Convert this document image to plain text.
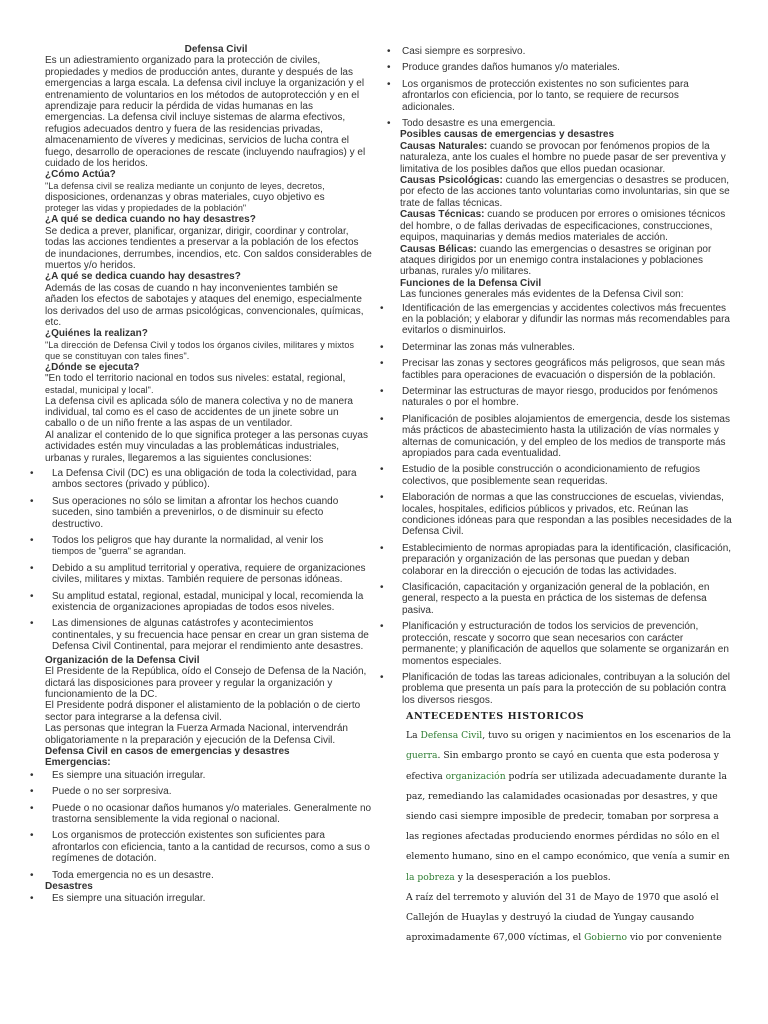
Defensa Civil

Es un adiestramiento organizado para la protección de civiles, propiedades y medios de producción antes, durante y después de las emergencias a larga escala. La defensa civil incluye la organización y el entrenamiento de voluntarios en los métodos de autoprotección y en el aprendizaje para reducir la pérdida de vidas humanas en las emergencias. La defensa civil incluye sistemas de alarma efectivos, refugios adecuados dentro y fuera de las residencias privadas, almacenamiento de víveres y medicinas, servicios de lucha contra el fuego, desarrollo de operaciones de rescate (incluyendo naufragios) y el cuidado de los heridos.

¿Cómo Actúa?

"La defensa civil se realiza mediante un conjunto de leyes, decretos,

disposiciones, ordenanzas y obras materiales, cuyo objetivo es

proteger las vidas y propiedades de la población"

¿A qué se dedica cuando no hay desastres?

Se dedica a prever, planificar, organizar, dirigir, coordinar y controlar, todas las acciones tendientes a preservar a la población de los efectos de inundaciones, derrumbes, incendios, etc. Con saldos considerables de muertos y/o heridos.

¿A qué se dedica cuando hay desastres?

Además de las cosas de cuando n hay inconvenientes también se añaden los efectos de sabotajes y ataques del enemigo, especialmente los derivados del uso de armas psicológicas, convencionales, químicas, etc.

¿Quiénes la realizan?

"La dirección de Defensa Civil y todos los órganos civiles, militares y mixtos que se constituyan con tales fines".

¿Dónde se ejecuta?

"En todo el territorio nacional en todos sus niveles: estatal, regional,

estadal, municipal y local".

La defensa civil es aplicada sólo de manera colectiva y no de manera individual, tal como es el caso de accidentes de un jinete sobre un caballo o de un niño frente a las aspas de un ventilador.

Al analizar el contenido de lo que significa proteger a las personas cuyas actividades estén muy vinculadas a las problemáticas industriales, urbanas y rurales, llegaremos a las siguientes conclusiones:

• La Defensa Civil (DC) es una obligación de toda la colectividad, para ambos sectores (privado y público).
• Sus operaciones no sólo se limitan a afrontar los hechos cuando suceden, sino también a prevenirlos, o de disminuir su efecto destructivo.
• Todos los peligros que hay durante la normalidad, al venir los
tiempos de "guerra" se agrandan.
• Debido a su amplitud territorial y operativa, requiere de organizaciones civiles, militares y mixtas. También requiere de personas idóneas.
• Su amplitud estatal, regional, estadal, municipal y local, recomienda la existencia de organizaciones apropiadas de todos esos niveles.
• Las dimensiones de algunas catástrofes y acontecimientos continentales, y su frecuencia hace pensar en crear un gran sistema de Defensa Civil Continental, para mejorar el rendimiento ante desastres.
Organización de la Defensa Civil

El Presidente de la República, oído el Consejo de Defensa de la Nación, dictará las disposiciones para proveer y regular la organización y funcionamiento de la DC.

El Presidente podrá disponer el alistamiento de la población o de cierto sector para integrarse a la defensa civil.

Las personas que integran la Fuerza Armada Nacional, intervendrán obligatoriamente n la preparación y ejecución de la Defensa Civil.

Defensa Civil en casos de emergencias y desastres
Emergencias:
• Es siempre una situación irregular.
• Puede o no ser sorpresiva.
• Puede o no ocasionar daños humanos y/o materiales. Generalmente no trastorna sensiblemente la vida regional o nacional.
• Los organismos de protección existentes son suficientes para afrontarlos con eficiencia, tanto a la cantidad de recursos, como a sus o regímenes de dotación.
• Toda emergencia no es un desastre.
Desastres
• Es siempre una situación irregular.
• Casi siempre es sorpresivo.
• Produce grandes daños humanos y/o materiales.
• Los organismos de protección existentes no son suficientes para afrontarlos con eficiencia, por lo tanto, se requiere de recursos adicionales.
• Todo desastre es una emergencia.
Posibles causas de emergencias y desastres

Causas Naturales: cuando se provocan por fenómenos propios de la naturaleza, ante los cuales el hombre no puede pasar de ser preventiva y limitativa de los posibles daños que ellos puedan ocasionar.

Causas Psicológicas: cuando las emergencias o desastres se producen, por efecto de las acciones tanto voluntarias como involuntarias, sin que se trate de fallas técnicas.

Causas Técnicas: cuando se producen por errores o omisiones técnicos del hombre, o de fallas derivadas de especificaciones, construcciones, equipos, maquinarias y demás medios materiales de acción.

Causas Bélicas: cuando las emergencias o desastres se originan por ataques dirigidos por un enemigo contra instalaciones y poblaciones urbanas, rurales y/o militares.

Funciones de la Defensa Civil

Las funciones generales más evidentes de la Defensa Civil son:

• Identificación de las emergencias y accidentes colectivos más frecuentes en la población; y elaborar y difundir las normas más recomendables para evitarlos o disminuirlos.
• Determinar las zonas más vulnerables.
• Precisar las zonas y sectores geográficos más peligrosos, que sean más factibles para operaciones de evacuación o dispersión de la población.
• Determinar las estructuras de mayor riesgo, producidos por fenómenos naturales o por el hombre.
• Planificación de posibles alojamientos de emergencia, desde los sistemas más prácticos de abastecimiento hasta la utilización de vías normales y alternas de comunicación, y del empleo de los medios de transporte más apropiados para cada eventualidad.
• Estudio de la posible construcción o acondicionamiento de refugios colectivos, que posiblemente sean requeridas.
• Elaboración de normas a que las construcciones de escuelas, viviendas, locales, hospitales, edificios públicos y privados, etc. Reúnan las condiciones idóneas para que respondan a las posibles necesidades de la Defensa Civil.
• Establecimiento de normas apropiadas para la identificación, clasificación, preparación y organización de las personas que puedan y deban colaborar en la dirección o ejecución de todas las actividades.
• Clasificación, capacitación y organización general de la población, en general, respecto a la puesta en práctica de los sistemas de defensa pasiva.
• Planificación y estructuración de todos los servicios de prevención, protección, rescate y socorro que sean necesarios con carácter permanente; y planificación de aquellos que solamente se organizarán en momentos especiales.
• Planificación de todas las tareas adicionales, contribuyan a la solución del problema que presenta un país para la protección de su población contra los diversos riesgos.
ANTECEDENTES HISTORICOS

La Defensa Civil, tuvo su origen y nacimientos en los escenarios de la guerra. Sin embargo pronto se cayó en cuenta que esta poderosa y efectiva organización podría ser utilizada adecuadamente durante la paz, remediando las calamidades ocasionadas por desastres, y que siendo casi siempre imposible de predecir, tomaban por sorpresa a las regiones afectadas produciendo enormes pérdidas no sólo en el elemento humano, sino en el campo económico, que venía a sumir en la pobreza y la desesperación a los pueblos.

A raíz del terremoto y aluvión del 31 de Mayo de 1970 que asoló el Callejón de Huaylas y destruyó la ciudad de Yungay causando aproximadamente 67,000 víctimas, el Gobierno vio por conveniente
